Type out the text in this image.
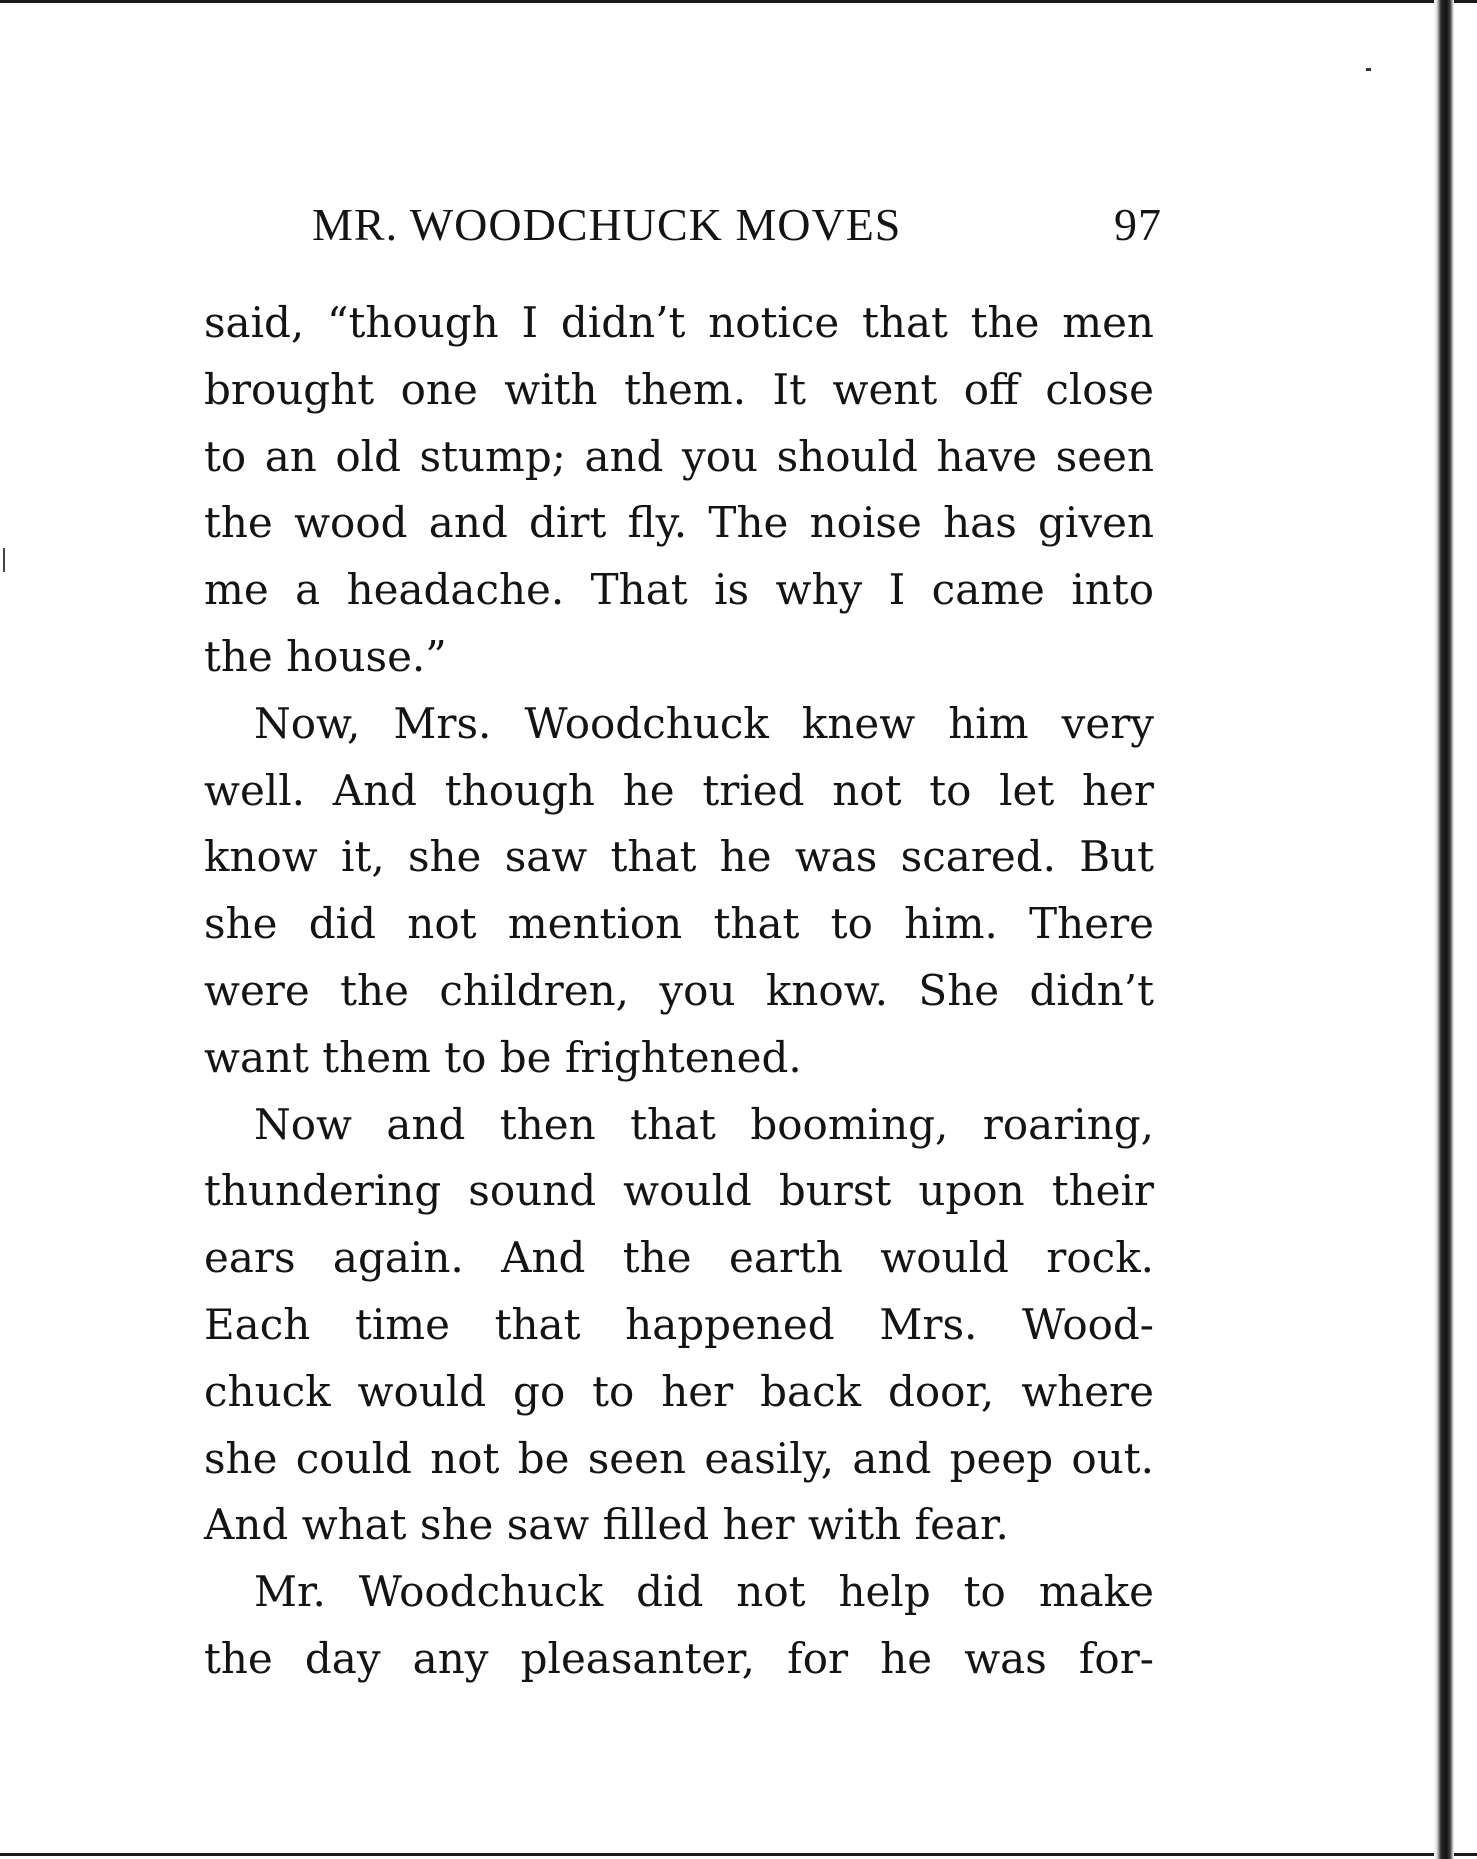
MR. WOODCHUCK MOVES	97
said, “though I didn’t notice that the men
brought one with them. It went off close
to an old stump; and you should have seen
the wood and dirt fly. The noise has given
me a headache. That is why I came into
the house.”
Now, Mrs. Woodchuck knew him very
well. And though he tried not to let her
know it, she saw that he was scared. But
she did not mention that to him. There
were the children, you know. She didn’t
want them to be frightened.
Now and then that booming, roaring,
thundering sound would burst upon their
ears again. And the earth would rock.
Each time that happened Mrs. Wood-
chuck would go to her back door, where
she could not be seen easily, and peep out.
And what she saw filled her with fear.
Mr. Woodchuck did not help to make
the day any pleasanter, for he was for-
